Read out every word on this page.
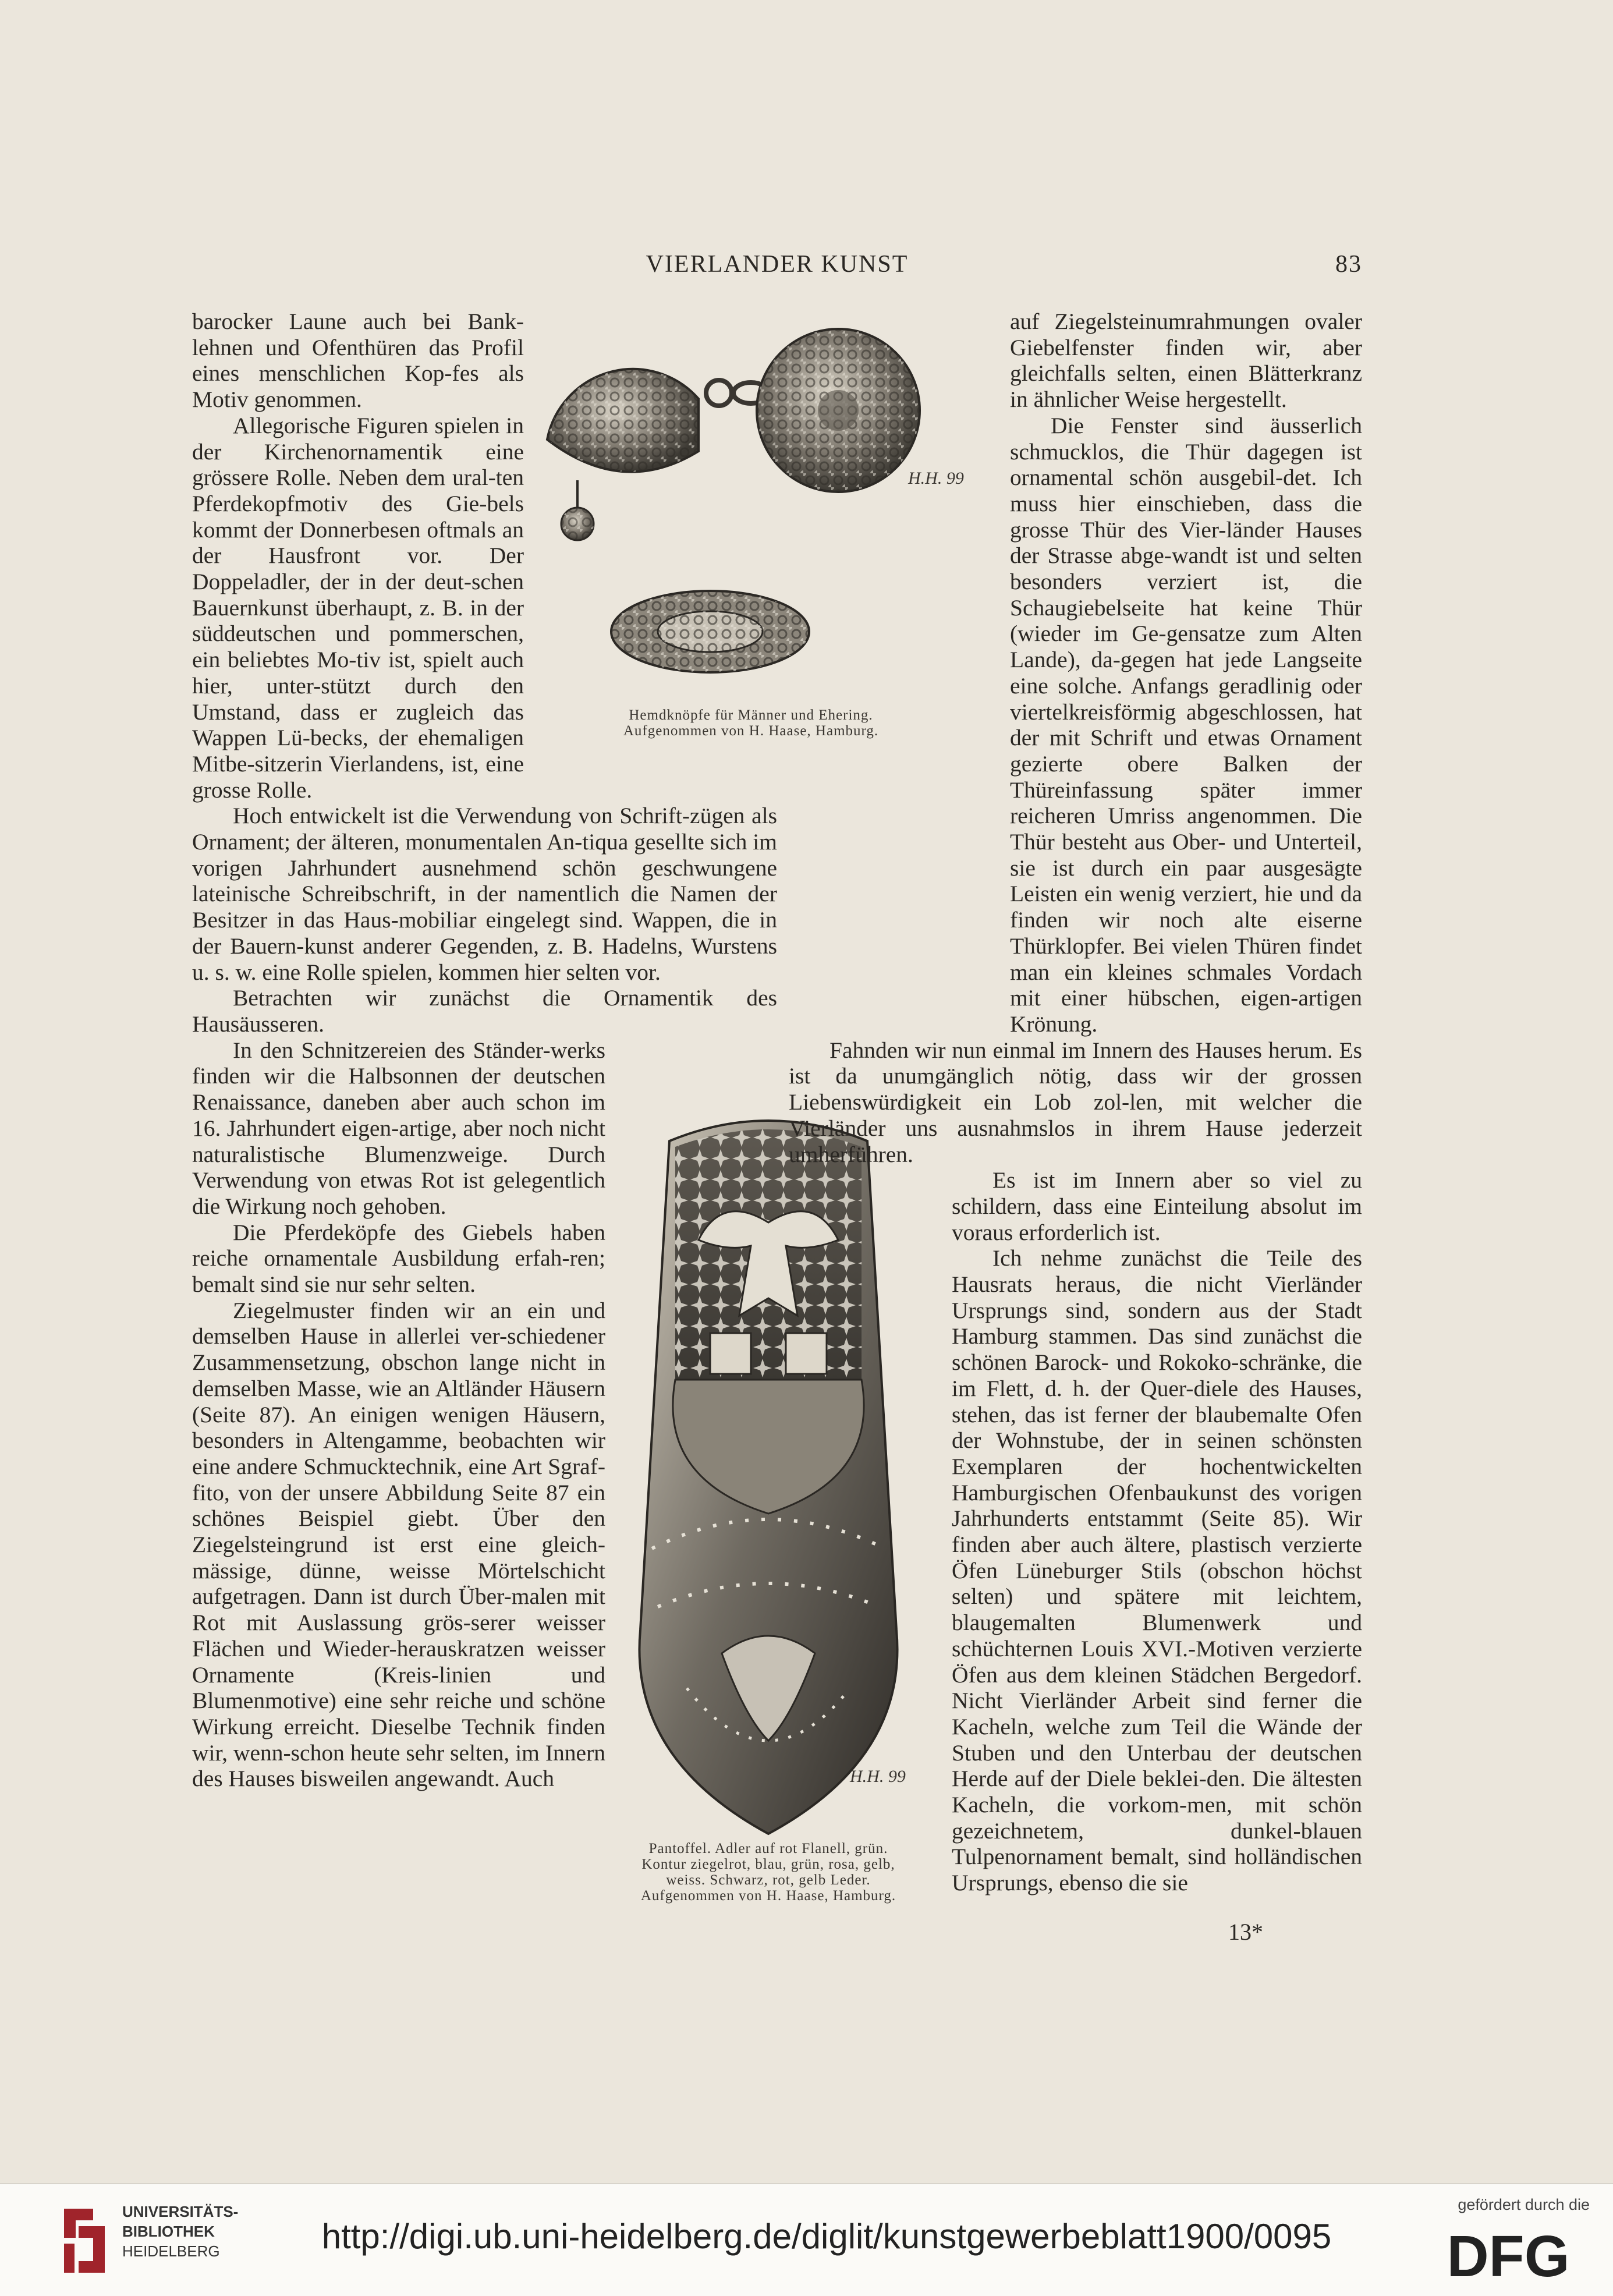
VIERLANDER KUNST	83
H.H. 99
Hemdknöpfe für Männer und Ehering.
Aufgenommen von H. Haase, Hamburg.
H.H. 99
Pantoffel. Adler auf rot Flanell, grün.
Kontur ziegelrot, blau, grün, rosa, gelb,
weiss. Schwarz, rot, gelb Leder.
Aufgenommen von H. Haase, Hamburg.

barocker Laune auch bei Bank-lehnen und Ofenthüren das Profil eines menschlichen Kop-fes als Motiv genommen.

Allegorische Figuren spielen in der Kirchenornamentik eine grössere Rolle. Neben dem ural-ten Pferdekopfmotiv des Gie-bels kommt der Donnerbesen oftmals an der Hausfront vor. Der Doppeladler, der in der deut-schen Bauernkunst überhaupt, z. B. in der süddeutschen und pommerschen, ein beliebtes Mo-tiv ist, spielt auch hier, unter-stützt durch den Umstand, dass er zugleich das Wappen Lü-becks, der ehemaligen Mitbe-sitzerin Vierlandens, ist, eine grosse Rolle.

Hoch entwickelt ist die Verwendung von Schrift-zügen als Ornament; der älteren, monumentalen An-tiqua gesellte sich im vorigen Jahrhundert ausnehmend schön geschwungene lateinische Schreibschrift, in der namentlich die Namen der Besitzer in das Haus-mobiliar eingelegt sind. Wappen, die in der Bauern-kunst anderer Gegenden, z. B. Hadelns, Wurstens u. s. w. eine Rolle spielen, kommen hier selten vor.

Betrachten wir zunächst die Ornamentik des Hausäusseren.

In den Schnitzereien des Ständer-werks finden wir die Halbsonnen der deutschen Renaissance, daneben aber auch schon im 16. Jahrhundert eigen-artige, aber noch nicht naturalistische Blumenzweige. Durch Verwendung von etwas Rot ist gelegentlich die Wirkung noch gehoben.

Die Pferdeköpfe des Giebels haben reiche ornamentale Ausbildung erfah-ren; bemalt sind sie nur sehr selten.

Ziegelmuster finden wir an ein und demselben Hause in allerlei ver-schiedener Zusammensetzung, obschon lange nicht in demselben Masse, wie an Altländer Häusern (Seite 87). An einigen wenigen Häusern, besonders in Altengamme, beobachten wir eine andere Schmucktechnik, eine Art Sgraf-fito, von der unsere Abbildung Seite 87 ein schönes Beispiel giebt. Über den Ziegelsteingrund ist erst eine gleich-mässige, dünne, weisse Mörtelschicht aufgetragen. Dann ist durch Über-malen mit Rot mit Auslassung grös-serer weisser Flächen und Wieder-herauskratzen weisser Ornamente (Kreis-linien und Blumenmotive) eine sehr reiche und schöne Wirkung erreicht. Dieselbe Technik finden wir, wenn-schon heute sehr selten, im Innern des Hauses bisweilen angewandt. Auch

auf Ziegelsteinumrahmungen ovaler Giebelfenster finden wir, aber gleichfalls selten, einen Blätterkranz in ähnlicher Weise hergestellt.

Die Fenster sind äusserlich schmucklos, die Thür dagegen ist ornamental schön ausgebil-det. Ich muss hier einschieben, dass die grosse Thür des Vier-länder Hauses der Strasse abge-wandt ist und selten besonders verziert ist, die Schaugiebelseite hat keine Thür (wieder im Ge-gensatze zum Alten Lande), da-gegen hat jede Langseite eine solche. Anfangs geradlinig oder viertelkreisförmig abgeschlossen, hat der mit Schrift und etwas Ornament gezierte obere Balken der Thüreinfassung später immer reicheren Umriss angenommen. Die Thür besteht aus Ober- und Unterteil, sie ist durch ein paar ausgesägte Leisten ein wenig verziert, hie und da finden wir noch alte eiserne Thürklopfer. Bei vielen Thüren findet man ein kleines schmales Vordach mit einer hübschen, eigen-artigen Krönung.

Fahnden wir nun einmal im Innern des Hauses herum. Es ist da unumgänglich nötig, dass wir der grossen Liebenswürdigkeit ein Lob zol-len, mit welcher die Vierländer uns ausnahmslos in ihrem Hause jederzeit umherführen.

Es ist im Innern aber so viel zu schildern, dass eine Einteilung absolut im voraus erforderlich ist.

Ich nehme zunächst die Teile des Hausrats heraus, die nicht Vierländer Ursprungs sind, sondern aus der Stadt Hamburg stammen. Das sind zunächst die schönen Barock- und Rokoko-schränke, die im Flett, d. h. der Quer-diele des Hauses, stehen, das ist ferner der blaubemalte Ofen der Wohnstube, der in seinen schönsten Exemplaren der hochentwickelten Hamburgischen Ofenbaukunst des vorigen Jahrhunderts entstammt (Seite 85). Wir finden aber auch ältere, plastisch verzierte Öfen Lüneburger Stils (obschon höchst selten) und spätere mit leichtem, blaugemalten Blumenwerk und schüchternen Louis XVI.-Motiven verzierte Öfen aus dem kleinen Städchen Bergedorf. Nicht Vierländer Arbeit sind ferner die Kacheln, welche zum Teil die Wände der Stuben und den Unterbau der deutschen Herde auf der Diele beklei-den. Die ältesten Kacheln, die vorkom-men, mit schön gezeichnetem, dunkel-blauen Tulpenornament bemalt, sind holländischen Ursprungs, ebenso die sie

13*
UNIVERSITÄTS-
BIBLIOTHEK
HEIDELBERG	http://digi.ub.uni-heidelberg.de/diglit/kunstgewerbeblatt1900/0095
gefördert durch die
DFG
